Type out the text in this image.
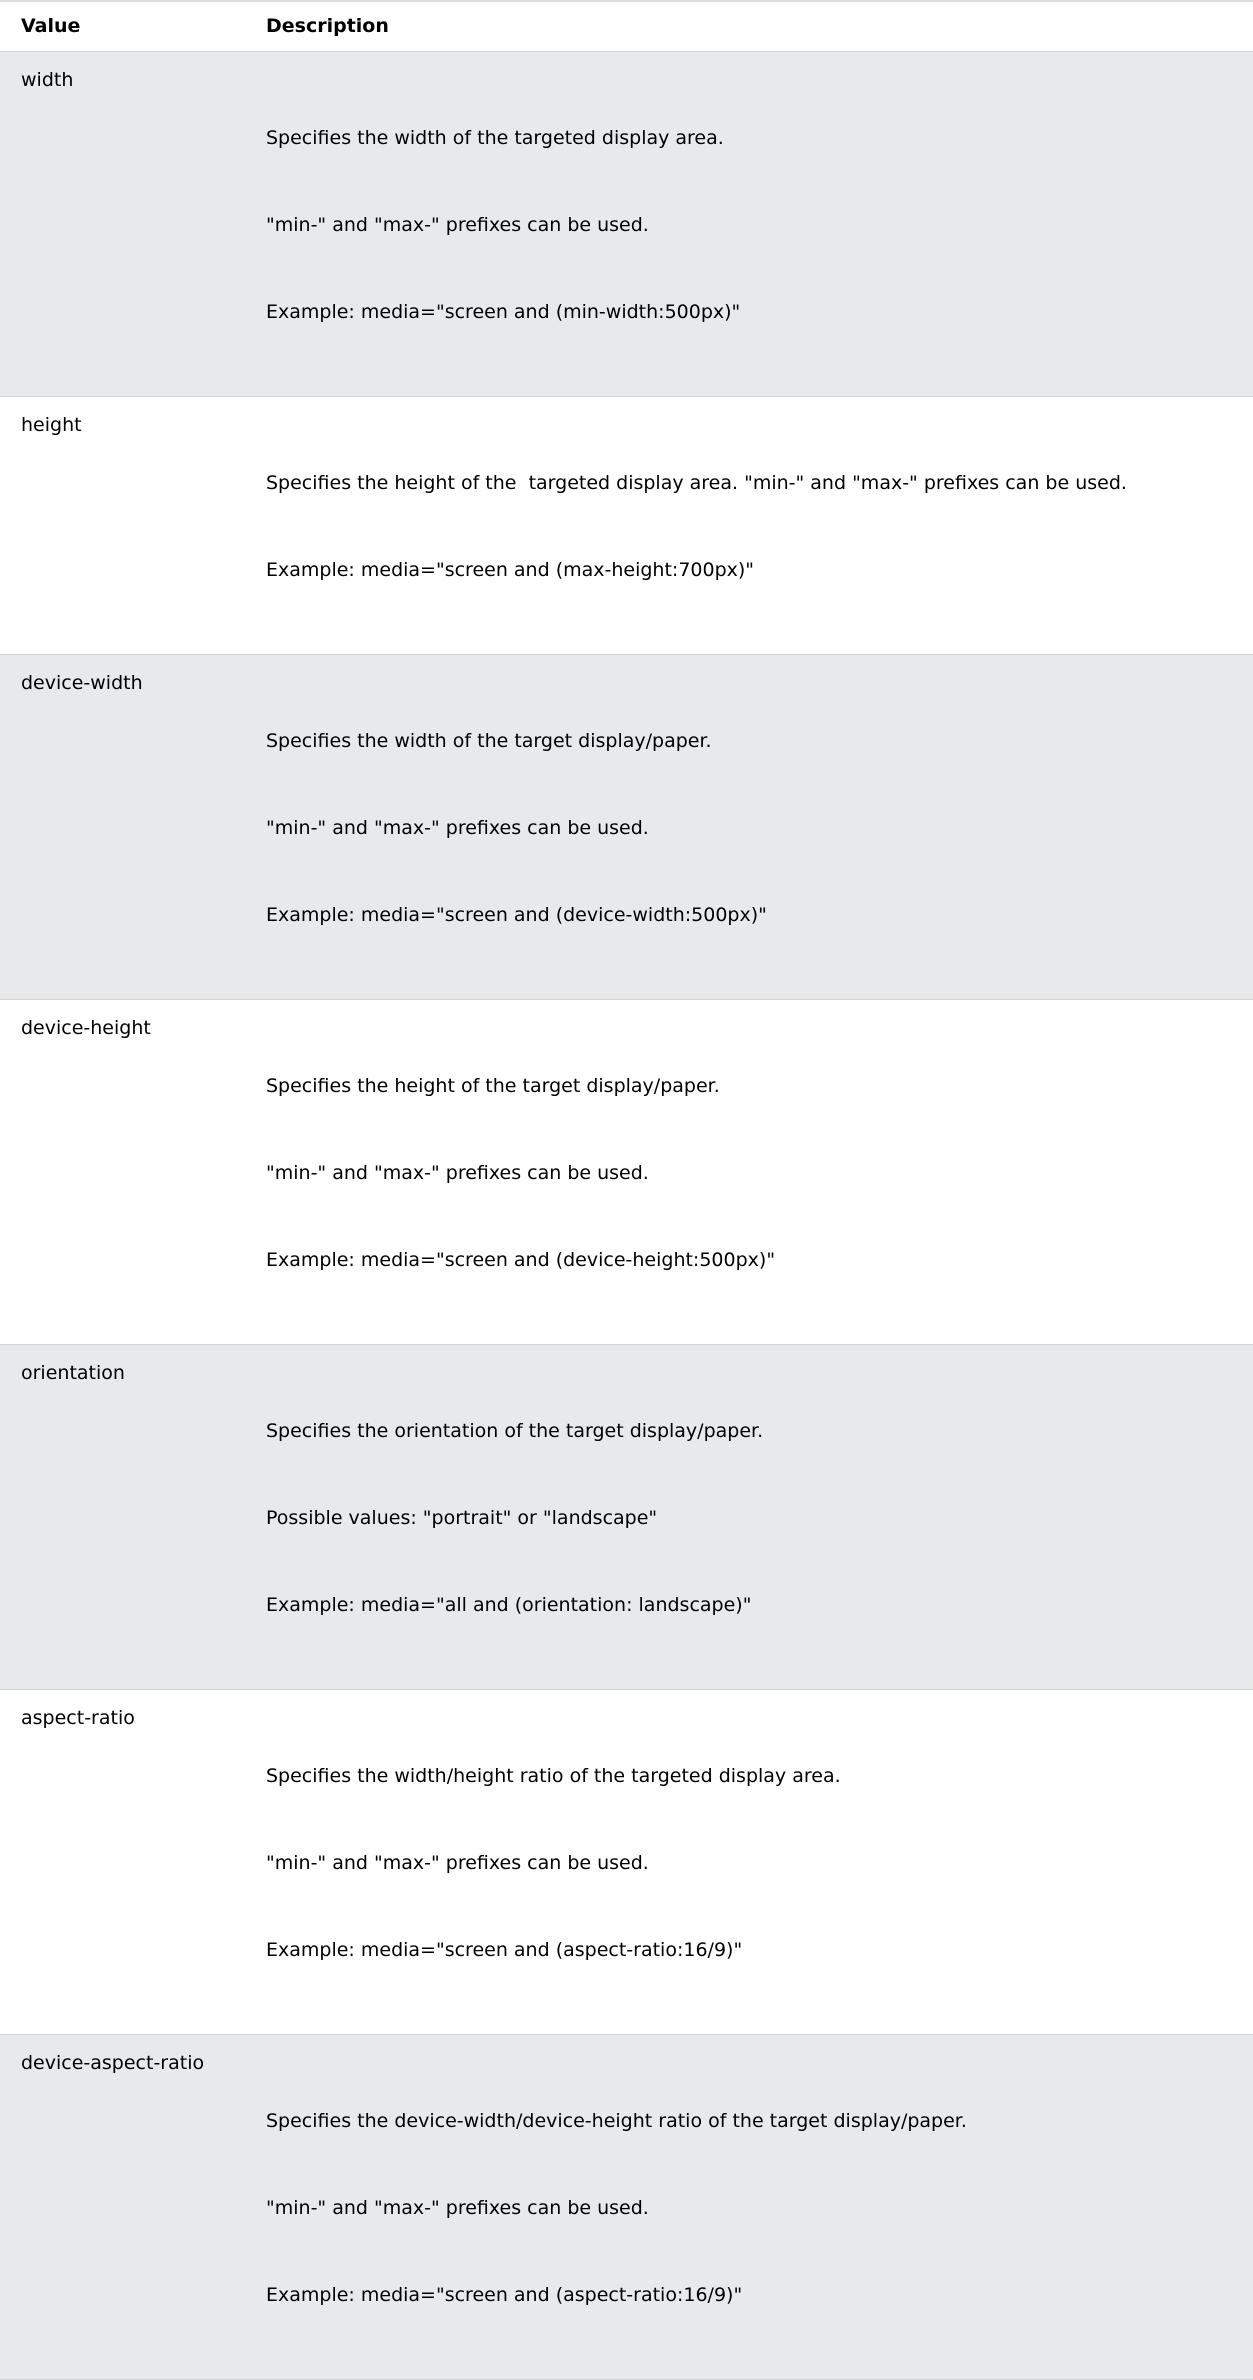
Value	Description
width

Specifies the width of the targeted display area.

"min-" and "max-" prefixes can be used.

Example: media="screen and (min-width:500px)"

height

Specifies the height of the  targeted display area. "min-" and "max-" prefixes can be used.

Example: media="screen and (max-height:700px)"

device-width

Specifies the width of the target display/paper.

"min-" and "max-" prefixes can be used.

Example: media="screen and (device-width:500px)"

device-height

Specifies the height of the target display/paper.

"min-" and "max-" prefixes can be used.

Example: media="screen and (device-height:500px)"

orientation

Specifies the orientation of the target display/paper.

Possible values: "portrait" or "landscape"

Example: media="all and (orientation: landscape)"

aspect-ratio

Specifies the width/height ratio of the targeted display area.

"min-" and "max-" prefixes can be used.

Example: media="screen and (aspect-ratio:16/9)"

device-aspect-ratio

Specifies the device-width/device-height ratio of the target display/paper.

"min-" and "max-" prefixes can be used.

Example: media="screen and (aspect-ratio:16/9)"
